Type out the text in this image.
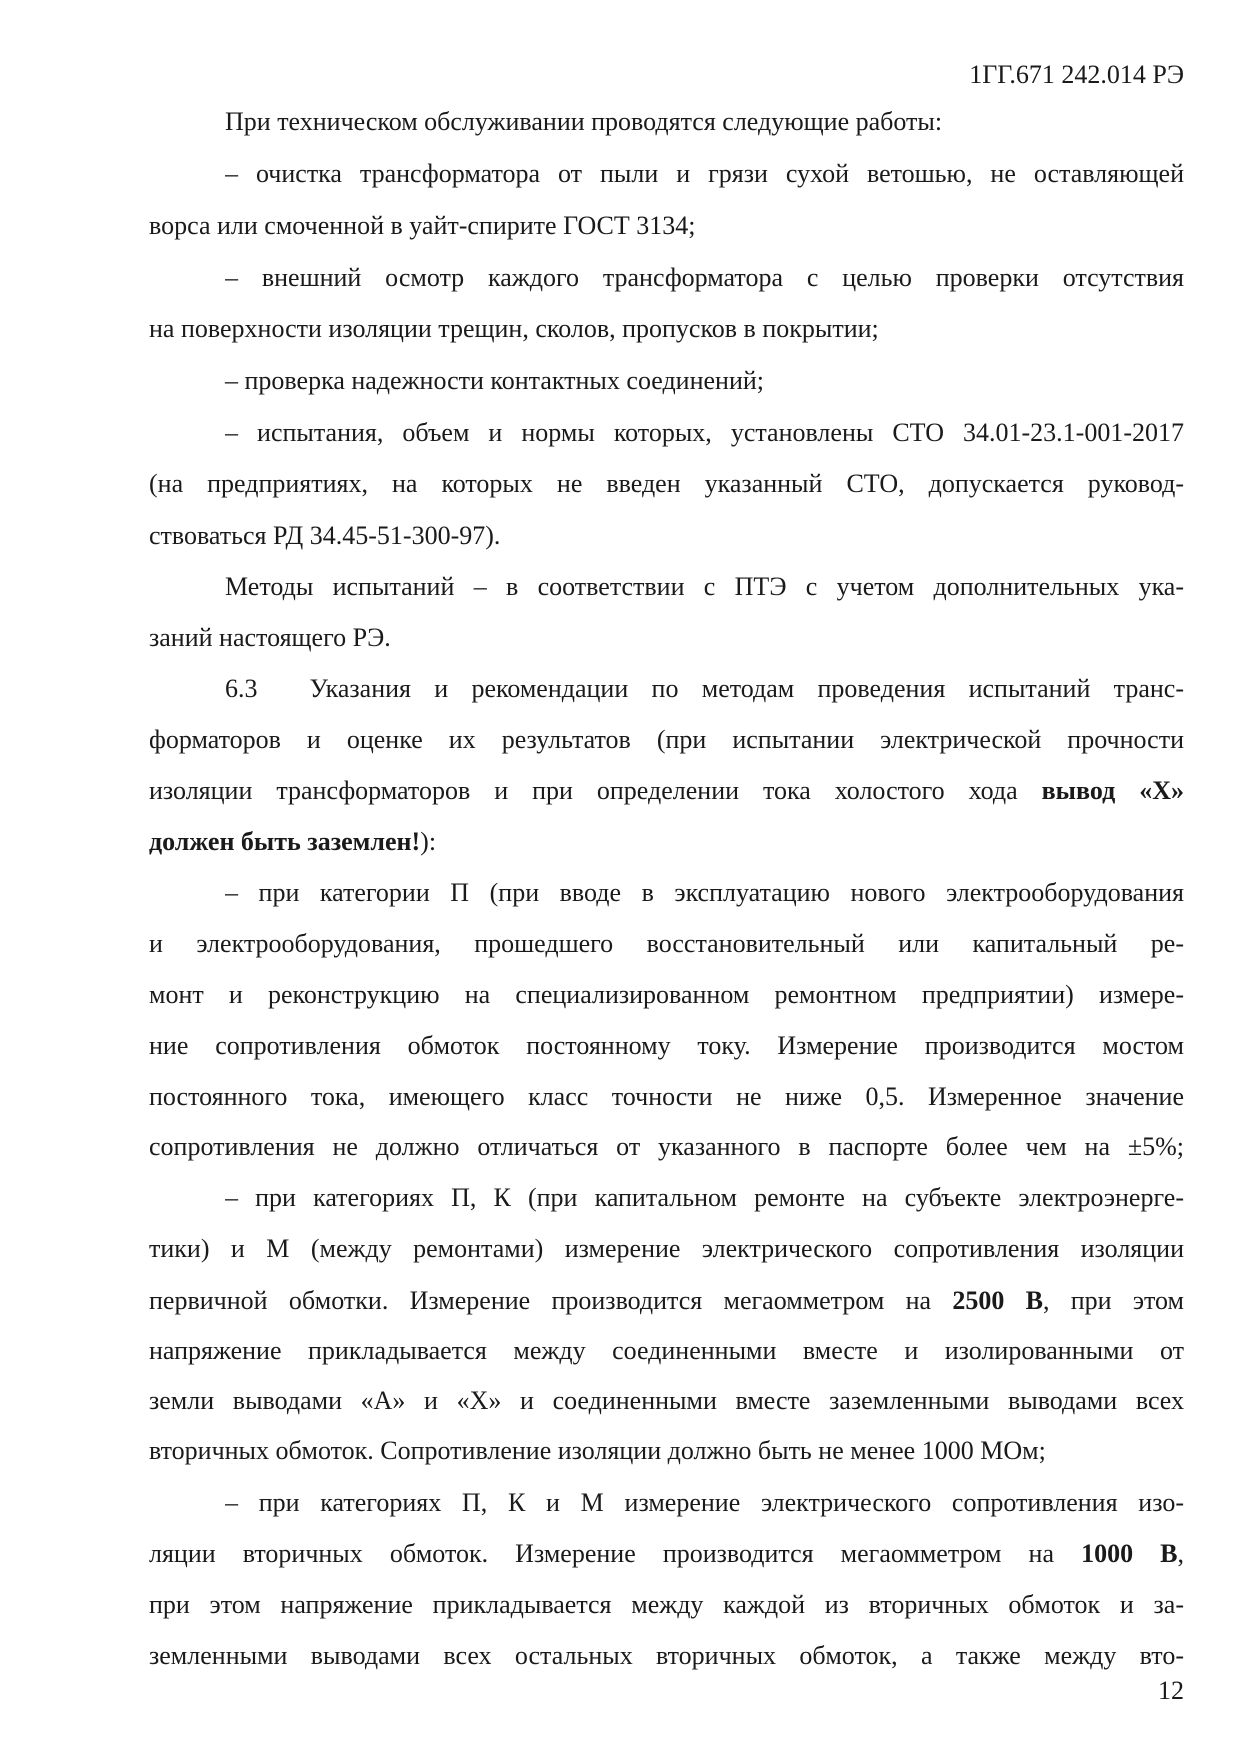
1ГГ.671 242.014 РЭ
При техническом обслуживании проводятся следующие работы:
– очистка трансформатора от пыли и грязи сухой ветошью, не оставляющей
ворса или смоченной в уайт-спирите ГОСТ 3134;
– внешний осмотр каждого трансформатора с целью проверки отсутствия
на поверхности изоляции трещин, сколов, пропусков в покрытии;
– проверка надежности контактных соединений;
– испытания, объем и нормы которых, установлены СТО 34.01-23.1-001-2017
(на предприятиях, на которых не введен указанный СТО, допускается руковод-
ствоваться РД 34.45-51-300-97).
Методы испытаний – в соответствии с ПТЭ с учетом дополнительных ука-
заний настоящего РЭ.
6.3  Указания и рекомендации по методам проведения испытаний транс-
форматоров и оценке их результатов (при испытании электрической прочности
изоляции трансформаторов и при определении тока холостого хода вывод «Х»
должен быть заземлен!):
– при категории П (при вводе в эксплуатацию нового электрооборудования
и электрооборудования, прошедшего восстановительный или капитальный ре-
монт и реконструкцию на специализированном ремонтном предприятии) измере-
ние сопротивления обмоток постоянному току. Измерение производится мостом
постоянного тока, имеющего класс точности не ниже 0,5. Измеренное значение
сопротивления не должно отличаться от указанного в паспорте более чем на ±5%;
– при категориях П, К (при капитальном ремонте на субъекте электроэнерге-
тики) и М (между ремонтами) измерение электрического сопротивления изоляции
первичной обмотки. Измерение производится мегаомметром на 2500 В, при этом
напряжение прикладывается между соединенными вместе и изолированными от
земли выводами «А» и «Х» и соединенными вместе заземленными выводами всех
вторичных обмоток. Сопротивление изоляции должно быть не менее 1000 МОм;
– при категориях П, К и М измерение электрического сопротивления изо-
ляции вторичных обмоток. Измерение производится мегаомметром на 1000 В,
при этом напряжение прикладывается между каждой из вторичных обмоток и за-
земленными выводами всех остальных вторичных обмоток, а также между вто-
12
